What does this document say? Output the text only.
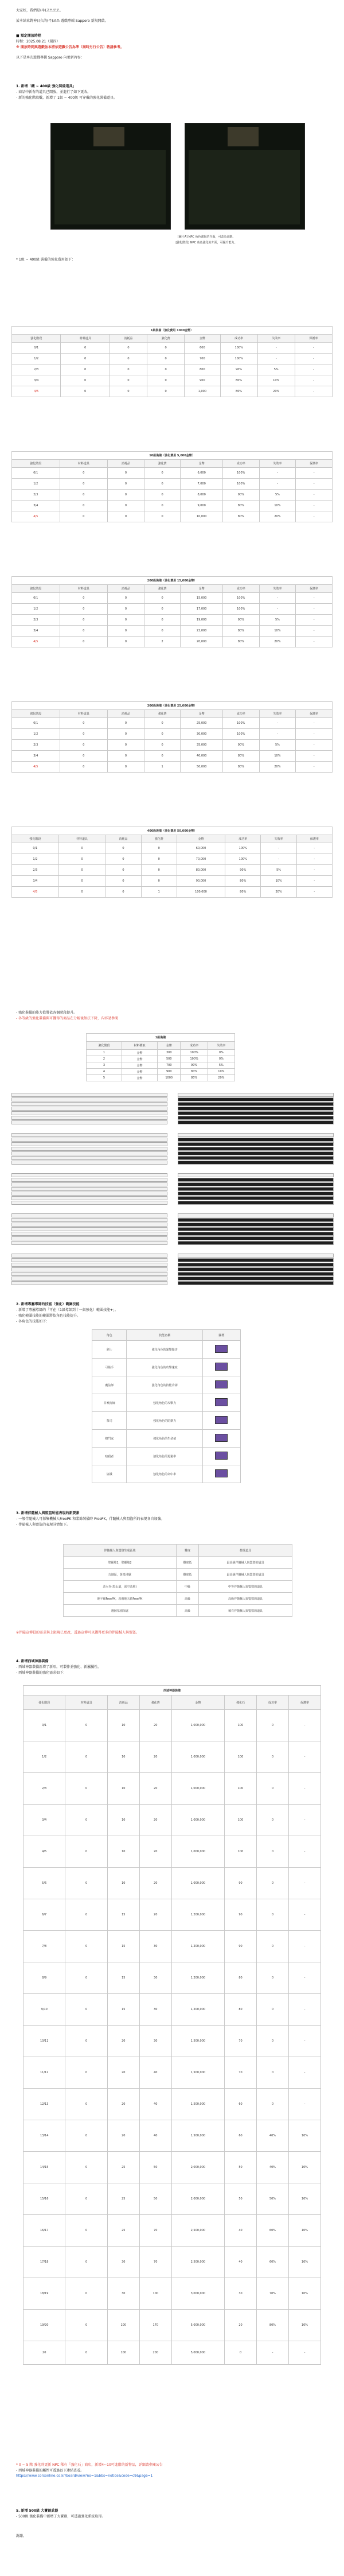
大家好，我們是(주)코쓰로로。

於本結束對神日久的(주)코쓰 遊戲專輯 Sapporo 新規開啟。

■ 預定開放時程

時程：2025.08.21（週四）

※ 開放時間與遊戲版本將依遊戲公告為準（屆時另行公告）敬請參考。

以下是本次遊戲專輯 Sapporo 內更新內容：

1. 新增「鐵 ~ 400級 強化裝備道具」

- 商品中新有的道具已開放，並進行了如下更改。

- 新的強化階段數，新增了 1級 ~ 400級 可穿戴的強化裝備道具。

[圖片A] NPC 角色強化的介面，可改為高階。

[強化階段] NPC 角色強化的介面，可提升能力。

* 1級 ~ 400級 裝備的強化費用如下：

1級裝備（強化費用 1000金幣）							
強化階段	材料道具	消耗品	強化費	金幣	成功率	失敗率	保護率
0/1	0	0	0	600	100%	-	-
1/2	0	0	0	700	100%	-	-
2/3	0	0	0	800	90%	5%	-
3/4	0	0	0	900	80%	10%	-
4/5	0	0	0	1,000	80%	20%	-
10級裝備（強化費用 5,000金幣）							
強化階段	材料道具	消耗品	強化費	金幣	成功率	失敗率	保護率
0/1	0	0	0	6,000	100%	-	-
1/2	0	0	0	7,000	100%	-	-
2/3	0	0	0	8,000	90%	5%	-
3/4	0	0	0	9,000	80%	10%	-
4/5	0	0	0	10,000	80%	20%	-
200級裝備（強化費用 15,000金幣）							
強化階段	材料道具	消耗品	強化費	金幣	成功率	失敗率	保護率
0/1	0	0	0	15,000	100%	-	-
1/2	0	0	0	17,000	100%	-	-
2/3	0	0	0	19,000	90%	5%	-
3/4	0	0	0	22,000	80%	10%	-
4/5	0	0	2	20,000	80%	20%	-
300級裝備（強化費用 25,000金幣）							
強化階段	材料道具	消耗品	強化費	金幣	成功率	失敗率	保護率
0/1	0	0	0	25,000	100%	-	-
1/2	0	0	0	30,000	100%	-	-
2/3	0	0	0	35,000	90%	5%	-
3/4	0	0	0	40,000	80%	10%	-
4/5	0	0	1	50,000	80%	20%	-
400級裝備（強化費用 50,000金幣）							
強化階段	材料道具	消耗品	強化費	金幣	成功率	失敗率	保護率
0/1	0	0	0	60,000	100%	-	-
1/2	0	0	0	70,000	100%	-	-
2/3	0	0	0	80,000	90%	5%	-
3/4	0	0	0	90,000	80%	10%	-
4/5	0	0	1	100,000	80%	20%	-

- 強化裝備的能力值將依各個階段提升。

- 各等級的強化裝備與可獲得的商品在分解後無法下降，內容請參閱

1級裝備				
強化階段	材料獲取	金幣	成功率	失敗率
1	金幣	300	100%	0%
2	金幣	500	100%	0%
3	金幣	700	90%	5%
4	金幣	900	80%	10%
5	金幣	1000	80%	20%

2. 新增專屬導師的技能（強化）範圍技能

- 新增了專屬導師的「可在（1級導師到十一級強化）範圍技能+」。

- 強化範圍技能的範圍將依角色技能提升。

- 各角色的技能如下：

角色	技能名稱	圖標
劍士	強化角色的暴擊傷害	
弓箭手	強化角色的攻擊速度	
魔法師	強化角色的技能冷卻	
召喚術師	強化角色的攻擊力	
祭司	強化角色的防禦力	
格鬥家	強化角色的生命值	
暗殺者	強化角色的迴避率	
盜賊	強化角色的命中率	

3. 新增伴隨械人與盟盜所能表現的新要素

- 一般伴隨械人可採集機械人FreePK 和業餘裝備時 FreePK，伴隨械人與盟盜所的表現各自加強。

- 伴隨械人與盟盜的表現詳情如下。

伴隨械人與盟盜生成區域	難度	掉落道具
聖靈地1，聖靈地2	難度低	最高級伴隨械人與盟盜的道具
古地區，黃泉地獄	難度低	最高級伴隨械人與盟盜的道具
惡火谷(黑山道，深空惡地)	中級	中等伴隨械人與盟盜的道具
地平線FreePK，惡兩地天啟FreePK	高級	高級伴隨械人與盟盜的道具
遺骸墓園深處	高級	稀有伴隨械人與盟盜的道具

※伴隨宣傳員的需求與上限現已更改，透過宣傳可以獲得更多的伴隨械人與盟盜。

4. 新增西域神器裝備

- 西域神器裝備新增了新項。可製作並強化、新屬屬性。

- 西域神器裝備的強化需求如下：

西域神器裝備							
強化階段	材料道具	消耗品	強化費	金幣	強化石	成功率	保護率
0/1	0	10	20	1,000,000	100	0	-
1/2	0	10	20	1,000,000	100	0	-
2/3	0	10	20	1,000,000	100	0	-
3/4	0	10	20	1,000,000	100	0	-
4/5	0	10	20	1,000,000	100	0	-
5/6	0	10	20	1,000,000	90	0	-
6/7	0	15	20	1,200,000	90	0	-
7/8	0	15	30	1,200,000	90	0	-
8/9	0	15	30	1,200,000	80	0	-
9/10	0	15	30	1,200,000	80	0	-
10/11	0	20	30	1,500,000	70	0	-
11/12	0	20	40	1,500,000	70	0	-
12/13	0	20	40	1,500,000	60	0	-
13/14	0	20	40	1,500,000	60	40%	10%
14/15	0	25	50	2,000,000	50	40%	10%
15/16	0	25	50	2,000,000	50	50%	10%
16/17	0	25	70	2,500,000	40	60%	10%
17/18	0	30	70	2,500,000	40	60%	10%
18/19	0	30	100	3,000,000	30	70%	10%
19/20	0	100	170	5,000,000	20	80%	10%
20	0	100	200	5,000,000	0	-	-

* 0 ~ 5 階 強化時更新 NPC 稀有「強化石」商店，新增4~10可進階的新物品，詳細請參閱公告

- 西域神器裝備的屬性可透過以下連結查看。

https://www.corsonline.co.kr/board/view?no=1&bbs=notice&code=c9&page=1

5. 新增 500級 大寶劍武器

- 500級 強化裝備中新增了大寶劍，可透過強化系統取得。

謝謝。
